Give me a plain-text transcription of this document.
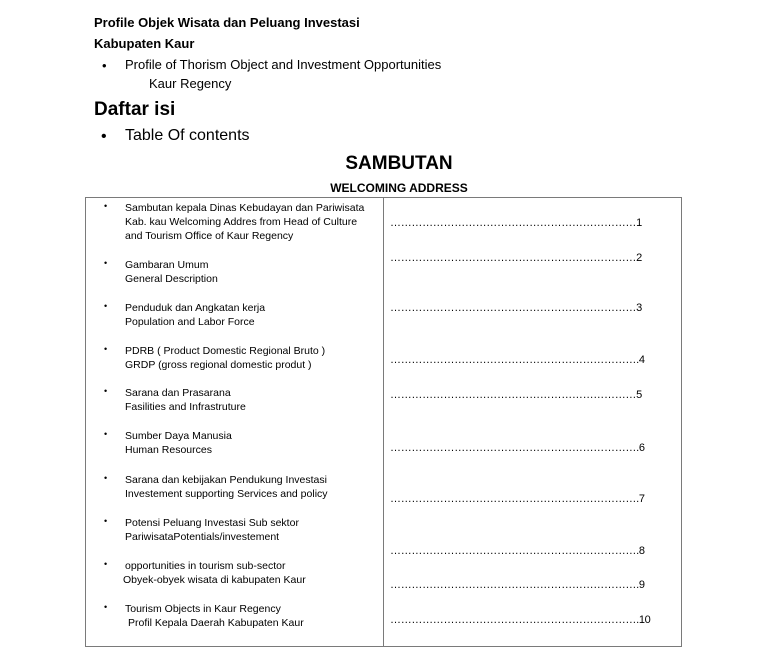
Profile Objek Wisata dan Peluang Investasi
Kabupaten Kaur
• Profile of Thorism Object and Investment Opportunities
Kaur Regency
Daftar isi
• Table Of contents
SAMBUTAN
WELCOMING ADDRESS
• Sambutan kepala Dinas Kebudayan dan Pariwisata
Kab. kau Welcoming Addres from Head of Culture
and Tourism Office of Kaur Regency
……………………………………………………………1
• Gambaran Umum
General Description
……………………………………………………………2
• Penduduk dan Angkatan kerja
Population and Labor Force
……………………………………………………………3
• PDRB ( Product Domestic Regional Bruto )
GRDP (gross regional domestic produt )	…………………………………………………………….4
• Sarana dan Prasarana
Fasilities and Infrastruture
……………………………………………………………5
• Sumber Daya Manusia
Human Resources	…………………………………………………………….6
• Sarana dan kebijakan Pendukung Investasi
Investement supporting Services and policy	…………………………………………………………….7
• Potensi Peluang Investasi Sub sektor
PariwisataPotentials/investement
…………………………………………………………….8
• opportunities in tourism sub-sector
Obyek-obyek wisata di kabupaten Kaur	…………………………………………………………….9
• Tourism Objects in Kaur Regency
Profil Kepala Daerah Kabupaten Kaur	…………………………………………………………….10
